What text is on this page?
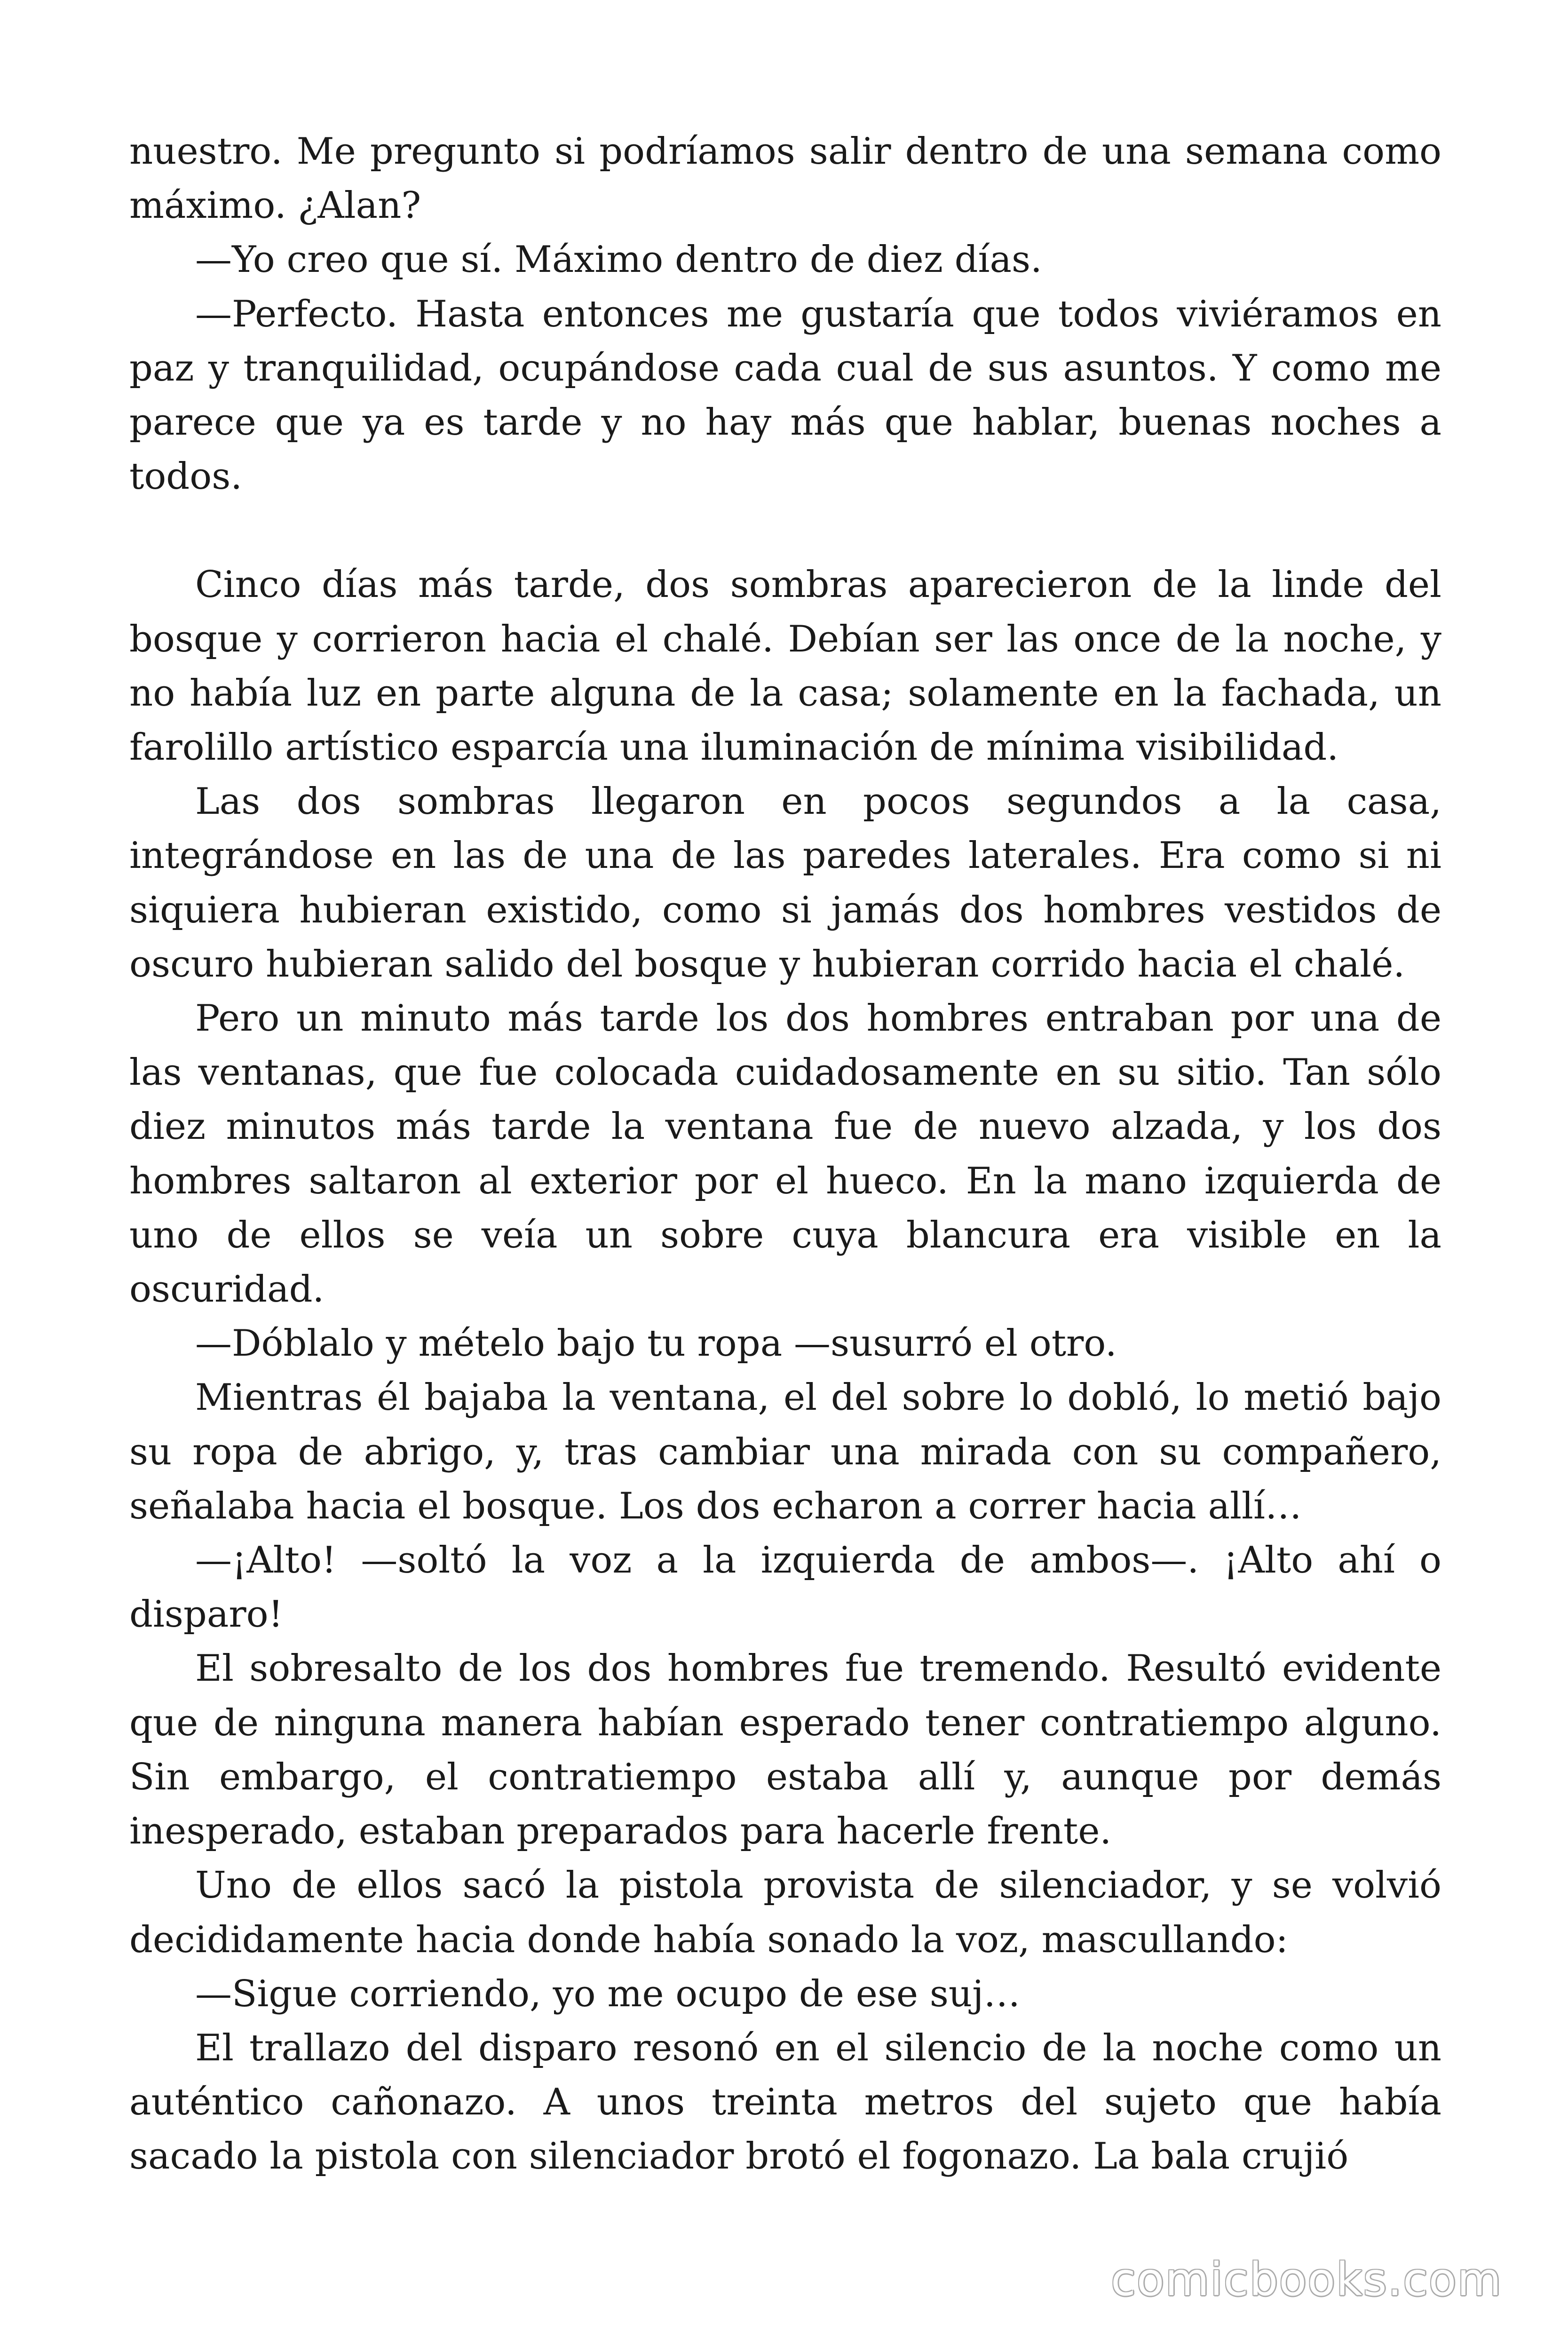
nuestro. Me pregunto si podríamos salir dentro de una semana como máximo. ¿Alan?

—Yo creo que sí. Máximo dentro de diez días.

—Perfecto. Hasta entonces me gustaría que todos viviéramos en paz y tranquilidad, ocupándose cada cual de sus asuntos. Y como me parece que ya es tarde y no hay más que hablar, buenas noches a todos.

Cinco días más tarde, dos sombras aparecieron de la linde del bosque y corrieron hacia el chalé. Debían ser las once de la noche, y no había luz en parte alguna de la casa; solamente en la fachada, un farolillo artístico esparcía una iluminación de mínima visibilidad.

Las dos sombras llegaron en pocos segundos a la casa, integrándose en las de una de las paredes laterales. Era como si ni siquiera hubieran existido, como si jamás dos hombres vestidos de oscuro hubieran salido del bosque y hubieran corrido hacia el chalé.

Pero un minuto más tarde los dos hombres entraban por una de las ventanas, que fue colocada cuidadosamente en su sitio. Tan sólo diez minutos más tarde la ventana fue de nuevo alzada, y los dos hombres saltaron al exterior por el hueco. En la mano izquierda de uno de ellos se veía un sobre cuya blancura era visible en la oscuridad.

—Dóblalo y mételo bajo tu ropa —susurró el otro.

Mientras él bajaba la ventana, el del sobre lo dobló, lo metió bajo su ropa de abrigo, y, tras cambiar una mirada con su compañero, señalaba hacia el bosque. Los dos echaron a correr hacia allí…

—¡Alto! —soltó la voz a la izquierda de ambos—. ¡Alto ahí o disparo!

El sobresalto de los dos hombres fue tremendo. Resultó evidente que de ninguna manera habían esperado tener contratiempo alguno. Sin embargo, el contratiempo estaba allí y, aunque por demás inesperado, estaban preparados para hacerle frente.

Uno de ellos sacó la pistola provista de silenciador, y se volvió decididamente hacia donde había sonado la voz, mascullando:

—Sigue corriendo, yo me ocupo de ese suj…

El trallazo del disparo resonó en el silencio de la noche como un auténtico cañonazo. A unos treinta metros del sujeto que había sacado la pistola con silenciador brotó el fogonazo. La bala crujió

comicbooks.com
